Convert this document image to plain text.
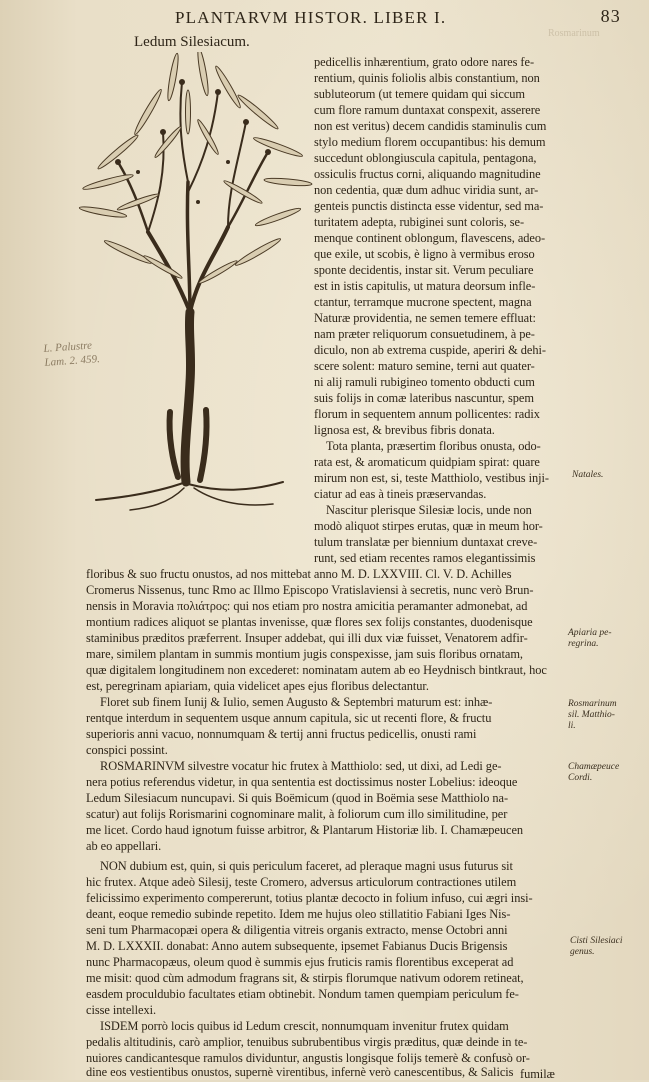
PLANTARVM HISTOR. LIBER I.	83
Ledum Silesiacum.
L. Palustre
Lam. 2. 459.
Rosmarinum
pedicellis inhærentium, grato odore nares fe-
rentium, quinis foliolis albis constantium, non
subluteorum (ut temere quidam qui siccum
cum flore ramum duntaxat conspexit, asserere
non est veritus) decem candidis staminulis cum
stylo medium florem occupantibus: his demum
succedunt oblongiusculа capitula, pentagona,
ossiculis fructus corni, aliquando magnitudine
non cedentia, quæ dum adhuc viridia sunt, ar-
genteis punctis distincta esse videntur, sed ma-
turitatem adepta, rubiginei sunt coloris, se-
menque continent oblongum, flavescens, adeo-
que exile, ut scobis, è ligno à vermibus eroso
sponte decidentis, instar sit. Verum peculiare
est in istis capitulis, ut matura deorsum infle-
ctantur, terramque mucrone spectent, magna
Naturæ providentia, ne semen temere effluat:
nam præter reliquorum consuetudinem, à pe-
diculo, non ab extrema cuspide, aperiri & dehi-
scere solent: maturo semine, terni aut quater-
ni alij ramuli rubigineo tomento obducti cum
suis folijs in comæ lateribus nascuntur, spem
florum in sequentem annum pollicentes: radix
lignosa est, & brevibus fibris donata.
Tota planta, præsertim floribus onusta, odo-
rata est, & aromaticum quidpiam spirat: quare
mirum non est, si, teste Matthiolo, vestibus inji-
ciatur ad eas à tineis præservandas.
Nascitur plerisque Silesiæ locis, unde non
modò aliquot stirpes erutas, quæ in meum hor-
tulum translatæ per biennium duntaxat creve-
runt, sed etiam recentes ramos elegantissimis
floribus & suo fructu onustos, ad nos mittebat anno M. D. LXXVIII. Cl. V. D. Achilles
Cromerus Nissenus, tunc Rmo ac Illmo Episcopo Vratislaviensi à secretis, nunc verò Brun-
nensis in Moravia πολιάτρος: qui nos etiam pro nostra amicitia peramanter admonebat, ad
montium radices aliquot se plantas invenisse, quæ flores sex folijs constantes, duodenisque
staminibus præditos præferrent. Insuper addebat, qui illi dux viæ fuisset, Venatorem adfir-
mare, similem plantam in summis montium jugis conspexisse, jam suis floribus ornatam,
quæ digitalem longitudinem non excederet: nominatam autem ab eo Heydnisch bintkraut, hoc
est, peregrinam apiariam, quia videlicet apes ejus floribus delectantur.
Floret sub finem Iunij & Iulio, semen Augusto & Septembri maturum est: inhæ-
rentque interdum in sequentem usque annum capitula, sic ut recenti flore, & fructu
superioris anni vacuo, nonnumquam & tertij anni fructus pedicellis, onusti rami
conspici possint.
ROSMARINVM silvestre vocatur hic frutex à Matthiolo: sed, ut dixi, ad Ledi ge-
nera potius referendus videtur, in qua sententia est doctissimus noster Lobelius: ideoque
Ledum Silesiacum nuncupavi. Si quis Boëmicum (quod in Boëmia sese Matthiolo na-
scatur) aut folijs Rorismarini cognominare malit, à foliorum cum illo similitudine, per
me licet. Cordo haud ignotum fuisse arbitror, & Plantarum Historiæ lib. I. Chamæpeucen
ab eo appellari.
NON dubium est, quin, si quis periculum faceret, ad pleraque magni usus futurus sit
hic frutex. Atque adeò Silesij, teste Cromero, adversus articulorum contractiones utilem
felicissimo experimento compererunt, totius plantæ decocto in folium infuso, cui ægri insi-
deant, eoque remedio subinde repetito. Idem me hujus oleo stillatitio Fabiani Iges Nis-
seni tum Pharmacopæi opera & diligentia vitreis organis extracto, mense Octobri anni
M. D. LXXXII. donabat: Anno autem subsequente, ipsemet Fabianus Ducis Brigensis
nunc Pharmacopæus, oleum quod è summis ejus fruticis ramis florentibus exceperat ad
me misit: quod cùm admodum fragrans sit, & stirpis florumque nativum odorem retineat,
easdem proculdubio facultates etiam obtinebit. Nondum tamen quempiam periculum fe-
cisse intellexi.
ISDEM porrò locis quibus id Ledum crescit, nonnumquam invenitur frutex quidam
pedalis altitudinis, carò amplior, tenuibus subrubentibus virgis præditus, quæ deinde in te-
nuiores candicantesque ramulos dividuntur, angustis longisque folijs temerè & confusò or-
dine eos vestientibus onustos, supernè virentibus, infernè verò canescentibus, & Salicis fumilæ
Natales.
Apiaria pe-
regrina.
Rosmarinum
sil. Matthio-
li.
Chamæpeuce
Cordi.
Cisti Silesiaci
genus.
